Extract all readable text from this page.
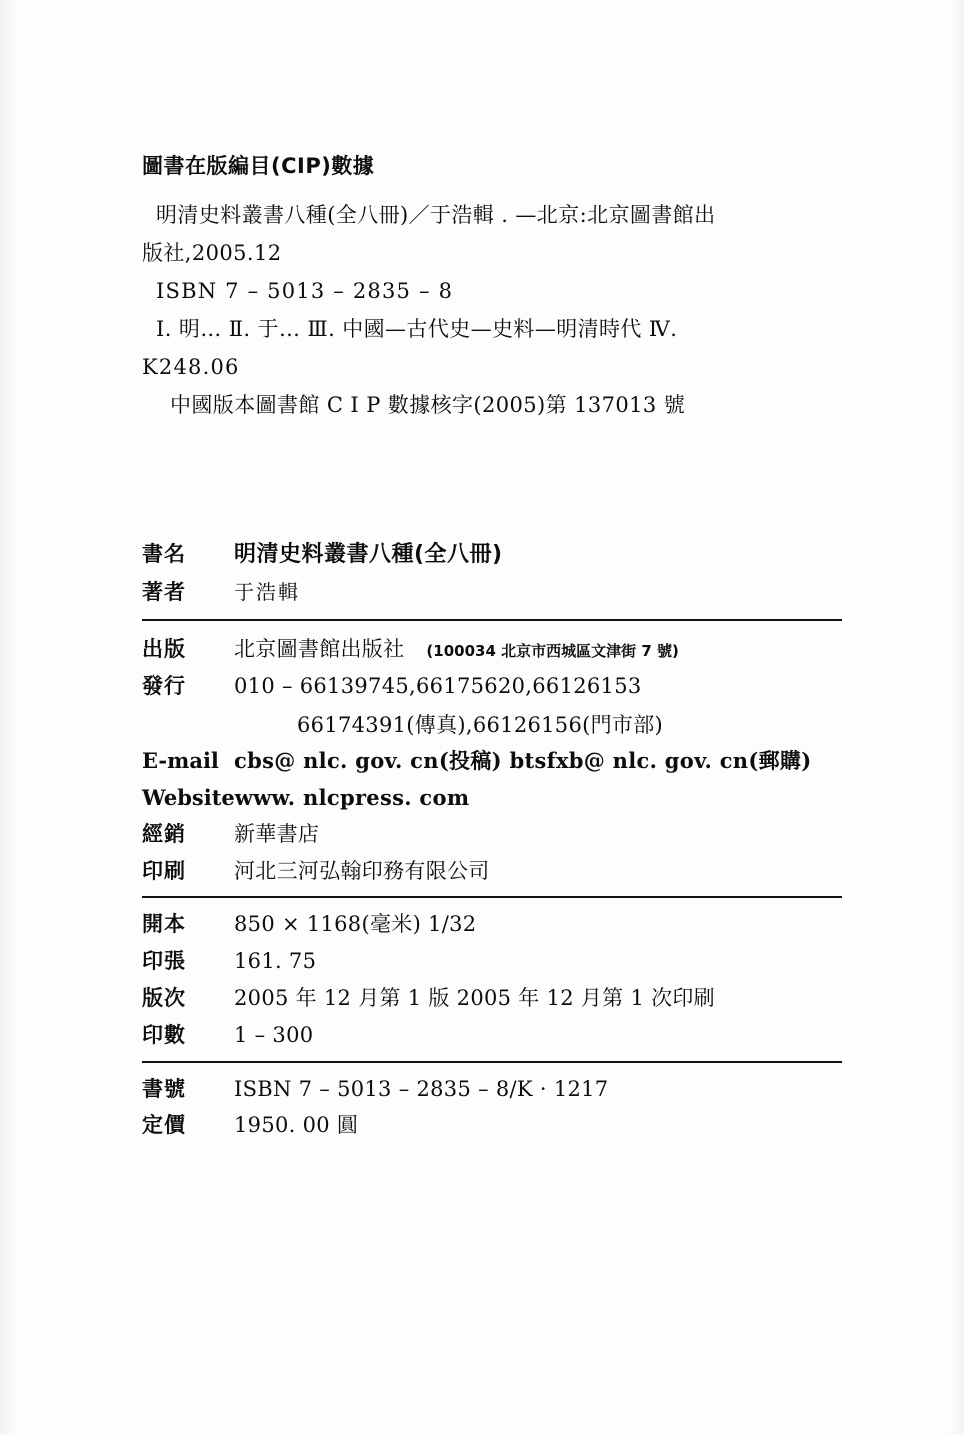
圖書在版編目(CIP)數據
明清史料叢書八種(全八冊)／于浩輯 . —北京:北京圖書館出
版社,2005.12
ISBN 7 – 5013 – 2835 – 8
I. 明… Ⅱ. 于… Ⅲ. 中國—古代史—史料—明清時代 Ⅳ.
K248.06
中國版本圖書館 C I P 數據核字(2005)第 137013 號
書名	明清史料叢書八種(全八冊)
著者	于浩輯
出版	北京圖書館出版社 (100034 北京市西城區文津街 7 號)
發行	010 – 66139745,66175620,66126153
66174391(傳真),66126156(門市部)
E-mail cbs@ nlc. gov. cn(投稿) btsfxb@ nlc. gov. cn(郵購)
Website www. nlcpress. com
經銷	新華書店
印刷	河北三河弘翰印務有限公司
開本	850 × 1168(毫米) 1/32
印張	161. 75
版次	2005 年 12 月第 1 版 2005 年 12 月第 1 次印刷
印數	1 – 300
書號	ISBN 7 – 5013 – 2835 – 8/K · 1217
定價	1950. 00 圓
